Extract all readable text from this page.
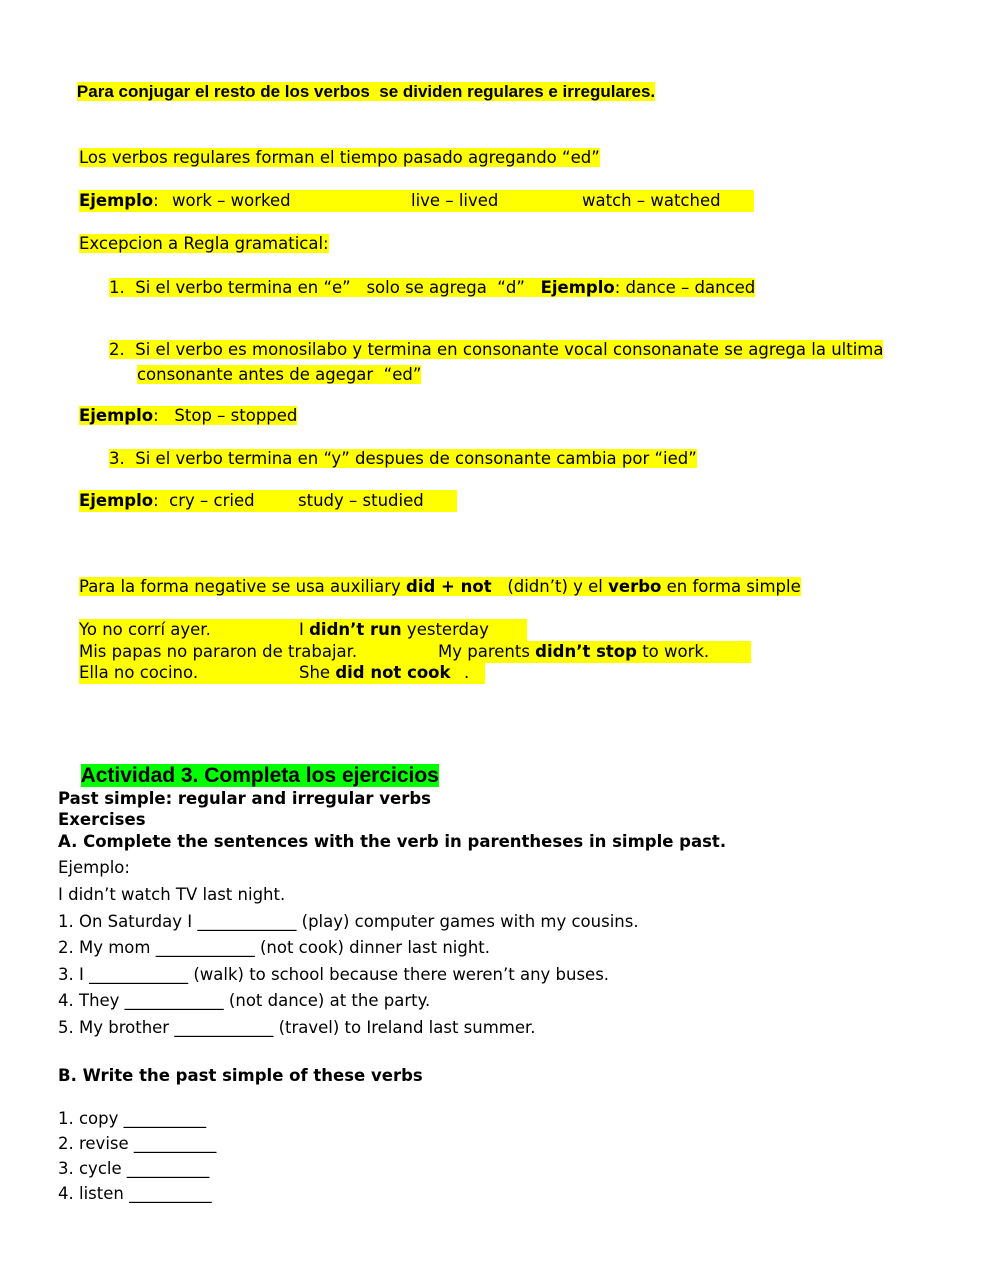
Para conjugar el resto de los verbos  se dividen regulares e irregulares.

Los verbos regulares forman el tiempo pasado agregando “ed”

Ejemplo: work – worked	live – lived	watch – watched

Excepcion a Regla gramatical:

1. Si el verbo termina en “e”   solo se agrega  “d”   Ejemplo: dance – danced

2. Si el verbo es monosilabo y termina en consonante vocal consonanate se agrega la ultima

consonante antes de agegar  “ed”

Ejemplo:   Stop – stopped

3. Si el verbo termina en “y” despues de consonante cambia por “ied”

Ejemplo:  cry – cried	study – studied

Para la forma negative se usa auxiliary did + not   (didn’t) y el verbo en forma simple

Yo no corrí ayer.	I didn’t run yesterday

Mis papas no pararon de trabajar.	My parents didn’t stop to work.

Ella no cocino.	She did not cook .

Actividad 3. Completa los ejercicios

Past simple: regular and irregular verbs
Exercises
A. Complete the sentences with the verb in parentheses in simple past.
Ejemplo:
I didn’t watch TV last night.
1. On Saturday I ____________ (play) computer games with my cousins.
2. My mom ____________ (not cook) dinner last night.
3. I ____________ (walk) to school because there weren’t any buses.
4. They ____________ (not dance) at the party.
5. My brother ____________ (travel) to Ireland last summer.
B. Write the past simple of these verbs
1. copy __________
2. revise __________
3. cycle __________
4. listen __________
